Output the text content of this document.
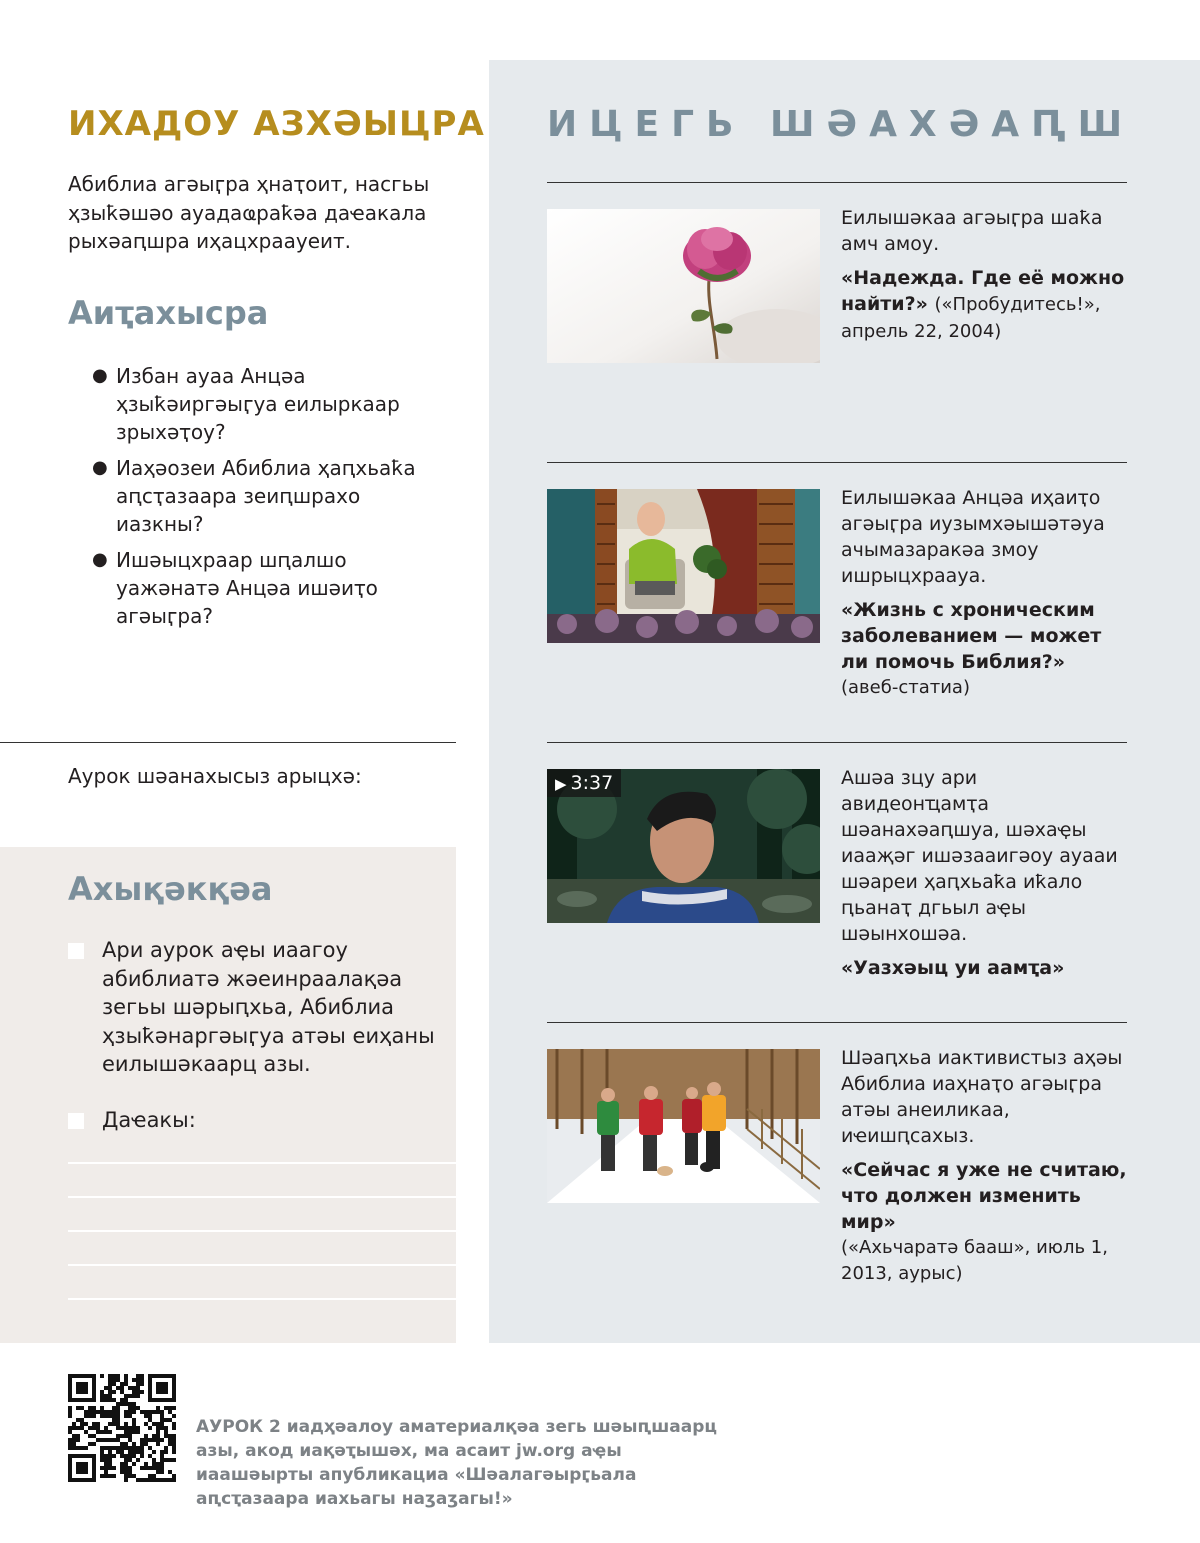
ИХАДОУ АЗХӘЫЦРА

Абиблиа агәыӷра ҳнаҭоит, насгьы ҳзыҟәшәо ауадаҩраҟәа даҽакала рыхәаԥшра иҳацхраауеит.

Аиҭахысра
● Избан ауаа Анцәа ҳзыҟәиргәыӷуа еилыркаар зрыхәҭоу?
● Иаҳәозеи Абиблиа ҳаԥхьаҟа аԥсҭазаара зеиԥшрахо иазкны?
● Ишәыцхраар шԥалшо уажәнатә Анцәа ишәиҭо агәыӷра?
Аурок шәанахысыз арыцхә:
Ахықәкқәа
Ари аурок аҿы иаагоу абиблиатә жәеинраалақәа зегьы шәрыԥхьа, Абиблиа ҳзыҟәнаргәыӷуа атәы еиҳаны еилышәкаарц азы.
Даҽакы:
ИЦЕГЬ ШӘАХӘАԤШ

Еилышәкаа агәыӷра шаҟа амч амоу.

«Надежда. Где её можно найти?» («Пробудитесь!», апрель 22, 2004)

Еилышәкаа Анцәа иҳаиҭо агәыӷра иузымхәышәтәуа ачымазаракәа змоу ишрыцхраауа.

«Жизнь с хроническим заболеванием — может ли помочь Библия?»

(авеб-статиа)

▶ 3:37	Ашәа зцу ари авидеонҵамҭа шәанахәаԥшуа, шәхаҿы иааҗәг ишәзааигәоу ауааи шәареи ҳаԥхьаҟа иҟало ԥьанаҭ дгьыл аҿы шәынхошәа.

«Уазхәыц уи аамҭа»

Шәаԥхьа иактивистыз аҳәы Абиблиа иаҳнаҭо агәыӷра атәы анеиликаа, иҽишԥсахыз.

«Сейчас я уже не считаю, что должен изменить мир»

(«Ахьчаратә бааш», июль 1, 2013, аурыс)

АУРОК 2 иадҳәалоу аматериалқәа зегь шәыԥшаарц азы, акод иақәҭышәх, ма асаит jw.org аҿы иаашәырты апубликациа «Шәалагәырӷьала аԥсҭазаара иахьагы наӡаӡагы!»
